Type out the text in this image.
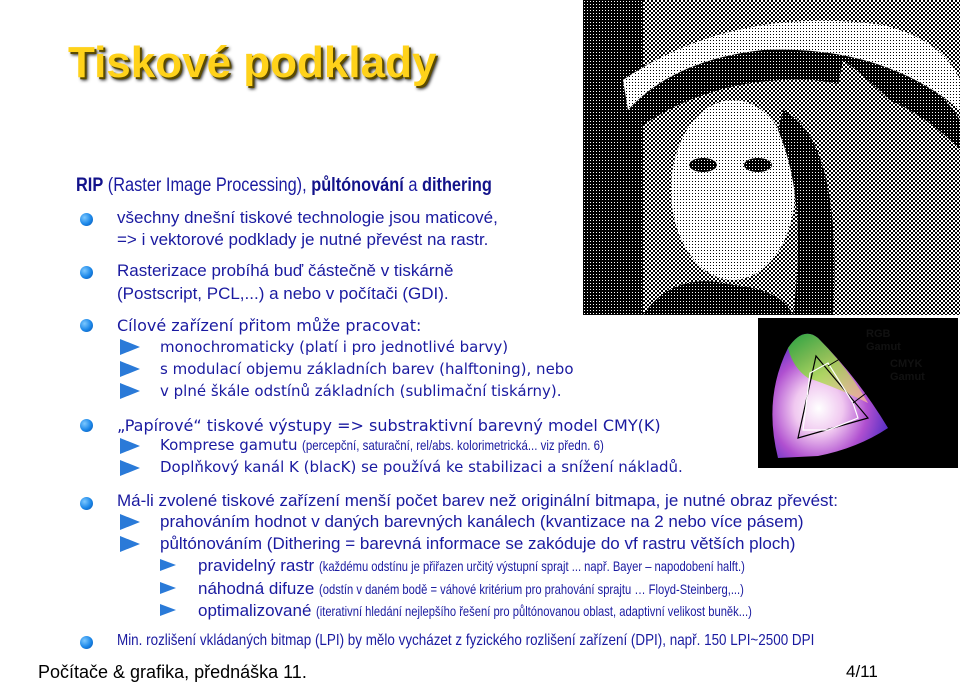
Tiskové podklady
RGB
Gamut
CMYK
Gamut
RIP (Raster Image Processing), půltónování a dithering
všechny dnešní tiskové technologie jsou maticové,
=> i vektorové podklady je nutné převést na rastr.
Rasterizace probíhá buď částečně v tiskárně
(Postscript, PCL,...) a nebo v počítači (GDI).
Cílové zařízení přitom může pracovat:
monochromaticky (platí i pro jednotlivé barvy)
s modulací objemu základních barev (halftoning), nebo
v plné škále odstínů základních (sublimační tiskárny).
„Papírové“ tiskové výstupy => substraktivní barevný model CMY(K)
Komprese gamutu (percepční, saturační, rel/abs. kolorimetrická... viz předn. 6)
Doplňkový kanál K (blacK) se používá ke stabilizaci a snížení nákladů.
Má-li zvolené tiskové zařízení menší počet barev než originální bitmapa, je nutné obraz převést:
prahováním hodnot v daných barevných kanálech (kvantizace na 2 nebo více pásem)
půltónováním (Dithering = barevná informace se zakóduje do vf rastru větších ploch)
pravidelný rastr (každému odstínu je přiřazen určitý výstupní sprajt ... např. Bayer – napodobení halft.)
náhodná difuze (odstín v daném bodě = váhové kritérium pro prahování sprajtu … Floyd-Steinberg,...)
optimalizované (iterativní hledání nejlepšího řešení pro půltónovanou oblast, adaptivní velikost buněk...)
Min. rozlišení vkládaných bitmap (LPI) by mělo vycházet z fyzického rozlišení zařízení (DPI), např. 150 LPI~2500 DPI
Počítače & grafika, přednáška 11.	4/11
